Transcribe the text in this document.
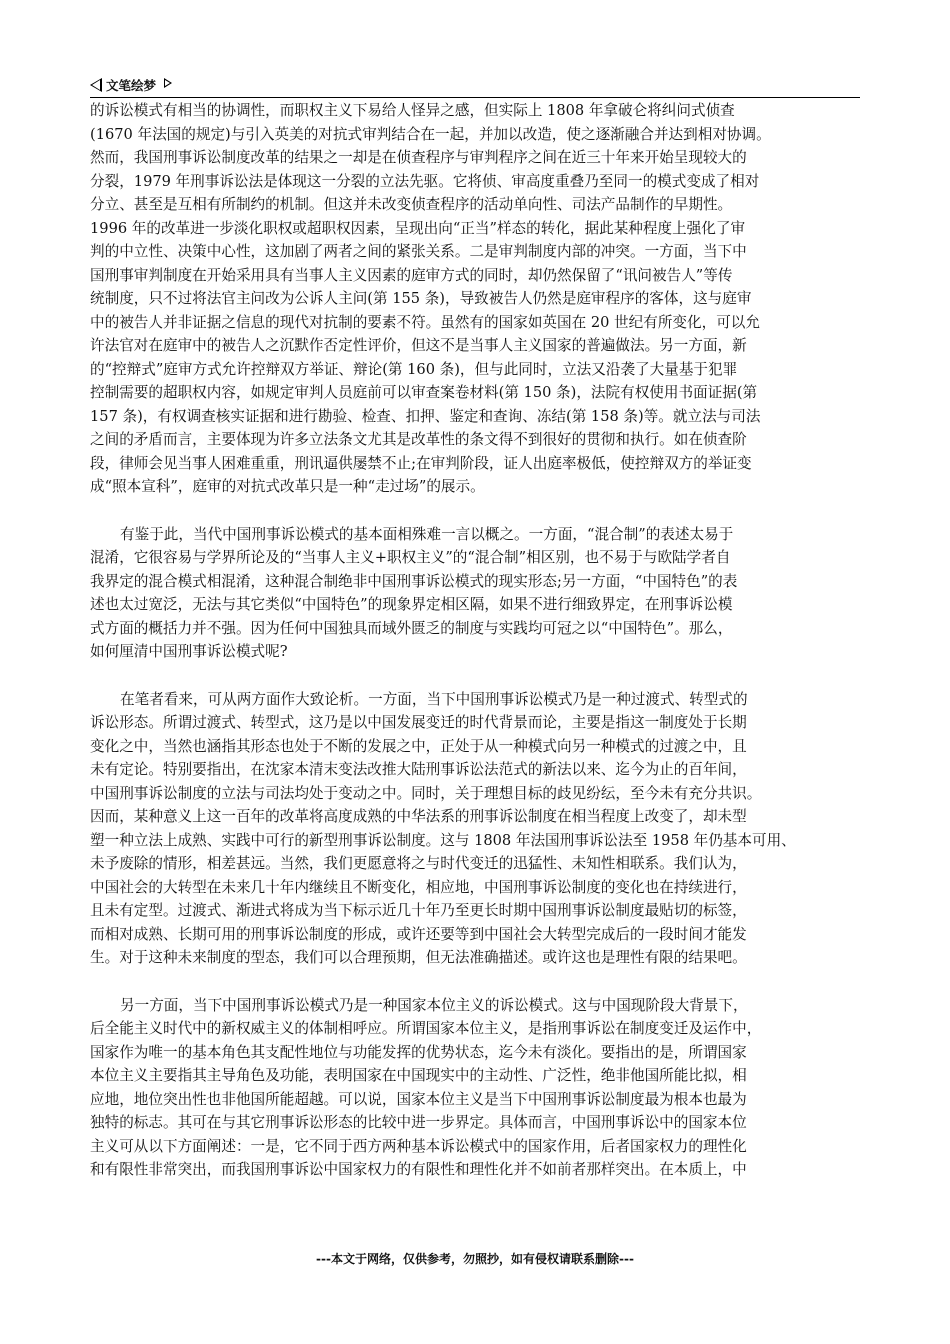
文笔绘梦
的诉讼模式有相当的协调性，而职权主义下易给人怪异之感，但实际上 1808 年拿破仑将纠问式侦查
(1670 年法国的规定)与引入英美的对抗式审判结合在一起，并加以改造，使之逐渐融合并达到相对协调。
然而，我国刑事诉讼制度改革的结果之一却是在侦查程序与审判程序之间在近三十年来开始呈现较大的
分裂，1979 年刑事诉讼法是体现这一分裂的立法先驱。它将侦、审高度重叠乃至同一的模式变成了相对
分立、甚至是互相有所制约的机制。但这并未改变侦查程序的活动单向性、司法产品制作的早期性。
1996 年的改革进一步淡化职权或超职权因素，呈现出向“正当”样态的转化，据此某种程度上强化了审
判的中立性、决策中心性，这加剧了两者之间的紧张关系。二是审判制度内部的冲突。一方面，当下中
国刑事审判制度在开始采用具有当事人主义因素的庭审方式的同时，却仍然保留了“讯问被告人”等传
统制度，只不过将法官主问改为公诉人主问(第 155 条)，导致被告人仍然是庭审程序的客体，这与庭审
中的被告人并非证据之信息的现代对抗制的要素不符。虽然有的国家如英国在 20 世纪有所变化，可以允
许法官对在庭审中的被告人之沉默作否定性评价，但这不是当事人主义国家的普遍做法。另一方面，新
的“控辩式”庭审方式允许控辩双方举证、辩论(第 160 条)，但与此同时，立法又沿袭了大量基于犯罪
控制需要的超职权内容，如规定审判人员庭前可以审查案卷材料(第 150 条)，法院有权使用书面证据(第
157 条)，有权调查核实证据和进行勘验、检查、扣押、鉴定和查询、冻结(第 158 条)等。就立法与司法
之间的矛盾而言，主要体现为许多立法条文尤其是改革性的条文得不到很好的贯彻和执行。如在侦查阶
段，律师会见当事人困难重重，刑讯逼供屡禁不止;在审判阶段，证人出庭率极低，使控辩双方的举证变
成“照本宣科”，庭审的对抗式改革只是一种“走过场”的展示。
有鉴于此，当代中国刑事诉讼模式的基本面相殊难一言以概之。一方面，“混合制”的表述太易于
混淆，它很容易与学界所论及的“当事人主义+职权主义”的“混合制”相区别，也不易于与欧陆学者自
我界定的混合模式相混淆，这种混合制绝非中国刑事诉讼模式的现实形态;另一方面，“中国特色”的表
述也太过宽泛，无法与其它类似“中国特色”的现象界定相区隔，如果不进行细致界定，在刑事诉讼模
式方面的概括力并不强。因为任何中国独具而域外匮乏的制度与实践均可冠之以“中国特色”。那么，
如何厘清中国刑事诉讼模式呢?
在笔者看来，可从两方面作大致论析。一方面，当下中国刑事诉讼模式乃是一种过渡式、转型式的
诉讼形态。所谓过渡式、转型式，这乃是以中国发展变迁的时代背景而论，主要是指这一制度处于长期
变化之中，当然也涵指其形态也处于不断的发展之中，正处于从一种模式向另一种模式的过渡之中，且
未有定论。特别要指出，在沈家本清末变法改推大陆刑事诉讼法范式的新法以来、迄今为止的百年间，
中国刑事诉讼制度的立法与司法均处于变动之中。同时，关于理想目标的歧见纷纭，至今未有充分共识。
因而，某种意义上这一百年的改革将高度成熟的中华法系的刑事诉讼制度在相当程度上改变了，却未型
塑一种立法上成熟、实践中可行的新型刑事诉讼制度。这与 1808 年法国刑事诉讼法至 1958 年仍基本可用、
未予废除的情形，相差甚远。当然，我们更愿意将之与时代变迁的迅猛性、未知性相联系。我们认为，
中国社会的大转型在未来几十年内继续且不断变化，相应地，中国刑事诉讼制度的变化也在持续进行，
且未有定型。过渡式、渐进式将成为当下标示近几十年乃至更长时期中国刑事诉讼制度最贴切的标签，
而相对成熟、长期可用的刑事诉讼制度的形成，或许还要等到中国社会大转型完成后的一段时间才能发
生。对于这种未来制度的型态，我们可以合理预期，但无法准确描述。或许这也是理性有限的结果吧。
另一方面，当下中国刑事诉讼模式乃是一种国家本位主义的诉讼模式。这与中国现阶段大背景下，
后全能主义时代中的新权威主义的体制相呼应。所谓国家本位主义，是指刑事诉讼在制度变迁及运作中，
国家作为唯一的基本角色其支配性地位与功能发挥的优势状态，迄今未有淡化。要指出的是，所谓国家
本位主义主要指其主导角色及功能，表明国家在中国现实中的主动性、广泛性，绝非他国所能比拟，相
应地，地位突出性也非他国所能超越。可以说，国家本位主义是当下中国刑事诉讼制度最为根本也最为
独特的标志。其可在与其它刑事诉讼形态的比较中进一步界定。具体而言，中国刑事诉讼中的国家本位
主义可从以下方面阐述：一是，它不同于西方两种基本诉讼模式中的国家作用，后者国家权力的理性化
和有限性非常突出，而我国刑事诉讼中国家权力的有限性和理性化并不如前者那样突出。在本质上，中
---本文于网络，仅供参考，勿照抄，如有侵权请联系删除---
